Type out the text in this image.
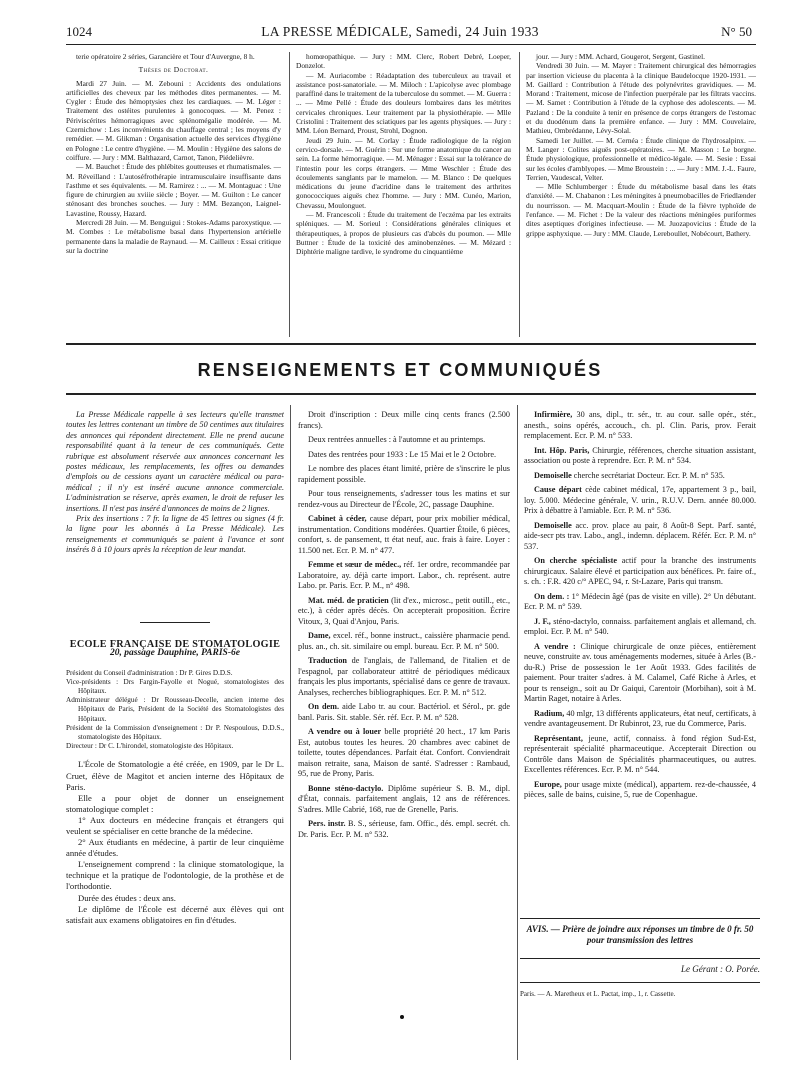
LA PRESSE MÉDICALE, Samedi, 24 Juin 1933
1024	N° 50

terie opératoire 2 séries, Garancière et Tour d'Auvergne, 8 h.

Thèses de Doctorat.

Mardi 27 Juin. — M. Zebouni : Accidents des ondulations artificielles des cheveux par les méthodes dites permanentes. — M. Cygler : Étude des hémoptysies chez les cardiaques. — M. Léger : Traitement des ostéites purulentes à gonocoques. — M. Penez : Périviscérites hémorragiques avec splénomégalie modérée. — M. Czernichow : Les inconvénients du chauffage central ; les moyens d'y remédier. — M. Glikman : Organisation actuelle des services d'hygiène en Pologne : Le centre d'hygiène. — M. Moulin : Hygiène des salons de coiffure. — Jury : MM. Balthazard, Carnot, Tanon, Piédelièvre.

— M. Bauchet : Étude des phlébites goutteuses et rhumatismales. — M. Réveilland : L'autoséfrothérapie intramusculaire insuffisante dans l'asthme et ses équivalents. — M. Ramirez : ... — M. Montaguac : Une figure de chirurgien au xviiie siècle ; Boyer. — M. Guilton : Le cancer sténosant des bronches souches. — Jury : MM. Bezançon, Laignel-Lavastine, Roussy, Hazard.

Mercredi 28 Juin. — M. Benguigui : Stokes-Adams paroxystique. — M. Combes : Le métabolisme basal dans l'hypertension artérielle permanente dans la maladie de Raynaud. — M. Cailleux : Essai critique sur la doctrine

homœopathique. — Jury : MM. Clerc, Robert Debré, Loeper, Donzelot.

— M. Auriacombe : Réadaptation des tuberculeux au travail et assistance post-sanatoriale. — M. Miloch : L'apicolyse avec plombage paraffiné dans le traitement de la tuberculose du sommet. — M. Guerra : ... — Mme Pellé : Étude des douleurs lombaires dans les métrites cervicales chroniques. Leur traitement par la physiothérapie. — Mlle Cristolini : Traitement des sciatiques par les agents physiques. — Jury : MM. Léon Bernard, Proust, Strohl, Dognon.

Jeudi 29 Juin. — M. Corlay : Étude radiologique de la région cervico-dorsale. — M. Guérin : Sur une forme anatomique du cancer au sein. La forme hémorragique. — M. Ménager : Essai sur la tolérance de l'intestin pour les corps étrangers. — Mme Weschler : Étude des écoulements sanglants par le mamelon. — M. Blanco : De quelques médications du jeune d'acridine dans le traitement des arthrites gonococciques aiguës chez l'homme. — Jury : MM. Cunéo, Marion, Chevassu, Moulonguet.

— M. Francescoli : Étude du traitement de l'eczéma par les extraits spléniques. — M. Sorieul : Considérations générales cliniques et thérapeutiques, à propos de plusieurs cas d'abcès du poumon. — Mlle Buttner : Étude de la toxicité des aminobenzènes. — M. Mézard : Diphtérie maligne tardive, le syndrome du cinquantième

jour. — Jury : MM. Achard, Gougerot, Sergent, Gastinel.

Vendredi 30 Juin. — M. Mayer : Traitement chirurgical des hémorragies par insertion vicieuse du placenta à la clinique Baudelocque 1920-1931. — M. Gaillard : Contribution à l'étude des polynévrites gravidiques. — M. Morand : Traitement, micose de l'infection puerpérale par les filtrats vaccins. — M. Samet : Contribution à l'étude de la cyphose des adolescents. — M. Pazland : De la conduite à tenir en présence de corps étrangers de l'estomac et du duodénum dans la première enfance. — Jury : MM. Couvelaire, Mathieu, Ombrédanne, Lévy-Solal.

Samedi 1er Juillet. — M. Cernéa : Étude clinique de l'hydrosalpinx. — M. Langer : Colites aiguës post-opératoires. — M. Masson : Le borgne. Étude physiologique, professionnelle et médico-légale. — M. Sesie : Essai sur les écoles d'amblyopes. — Mme Broustein : ... — Jury : MM. J.-L. Faure, Terrien, Vaudescal, Velter.

— Mlle Schlumberger : Étude du métabolisme basal dans les états d'anxiété. — M. Chabanon : Les méningites à pneumobacilles de Friedlænder du nourrisson. — M. Macquart-Moulin : Étude de la fièvre typhoïde de l'enfance. — M. Fichet : De la valeur des réactions méningées puriformes dites aseptiques d'origines infectieuse. — M. Juozapovicius : Étude de la grippe asphyxique. — Jury : MM. Claude, Lereboullet, Nobécourt, Bathery.

RENSEIGNEMENTS ET COMMUNIQUÉS

La Presse Médicale rappelle à ses lecteurs qu'elle transmet toutes les lettres contenant un timbre de 50 centimes aux titulaires des annonces qui répondent directement. Elle ne prend aucune responsabilité quant à la teneur de ces communiqués. Cette rubrique est absolument réservée aux annonces concernant les postes médicaux, les remplacements, les offres ou demandes d'emplois ou de cessions ayant un caractère médical ou para-médical ; il n'y est inséré aucune annonce commerciale. L'administration se réserve, après examen, le droit de refuser les insertions. Il n'est pas inséré d'annonces de moins de 2 lignes.

Prix des insertions : 7 fr. la ligne de 45 lettres ou signes (4 fr. la ligne pour les abonnés à La Presse Médicale). Les renseignements et communiqués se paient à l'avance et sont insérés 8 à 10 jours après la réception de leur mandat.

ÉCOLE FRANÇAISE DE STOMATOLOGIE

20, passage Dauphine, PARIS-6e

Président du Conseil d'administration : Dr P. Gires D.D.S.

Vice-présidents : Drs Fargin-Fayolle et Nogué, stomatologistes des Hôpitaux.

Administrateur délégué : Dr Rousseau-Decelle, ancien interne des Hôpitaux de Paris, Président de la Société des Stomatologistes des Hôpitaux.

Président de la Commission d'enseignement : Dr P. Nespoulous, D.D.S., stomatologiste des Hôpitaux.

Directeur : Dr C. L'hirondel, stomatologiste des Hôpitaux.

L'École de Stomatologie a été créée, en 1909, par le Dr L. Cruet, élève de Magitot et ancien interne des Hôpitaux de Paris.

Elle a pour objet de donner un enseignement stomatologique complet :

1° Aux docteurs en médecine français et étrangers qui veulent se spécialiser en cette branche de la médecine.

2° Aux étudiants en médecine, à partir de leur cinquième année d'études.

L'enseignement comprend : la clinique stomatologique, la technique et la pratique de l'odontologie, de la prothèse et de l'orthodontie.

Durée des études : deux ans.

Le diplôme de l'École est décerné aux élèves qui ont satisfait aux examens obligatoires en fin d'études.

Droit d'inscription : Deux mille cinq cents francs (2.500 francs).

Deux rentrées annuelles : à l'automne et au printemps.

Dates des rentrées pour 1933 : Le 15 Mai et le 2 Octobre.

Le nombre des places étant limité, prière de s'inscrire le plus rapidement possible.

Pour tous renseignements, s'adresser tous les matins et sur rendez-vous au Directeur de l'École, 2C, passage Dauphine.

Cabinet à céder, cause départ, pour prix mobilier médical, instrumentation. Conditions modérées. Quartier Étoile, 6 pièces, confort, s. de pansement, tt état neuf, auc. frais à faire. Loyer : 11.500 net. Ecr. P. M. n° 477.

Femme et sœur de médec., réf. 1er ordre, recommandée par Laboratoire, ay. déjà carte import. Labor., ch. représent. autre Labo. pr. Paris. Ecr. P. M., n° 498.

Mat. méd. de praticien (lit d'ex., microsc., petit outill., etc., etc.), à céder après décès. On accepterait proposition. Écrire Vitoux, 3, Quai d'Anjou, Paris.

Dame, excel. réf., bonne instruct., caissière pharmacie pend. plus. an., ch. sit. similaire ou empl. bureau. Ecr. P. M. n° 500.

Traduction de l'anglais, de l'allemand, de l'italien et de l'espagnol, par collaborateur attitré de périodiques médicaux français les plus importants, spécialisé dans ce genre de travaux. Analyses, recherches bibliographiques. Ecr. P. M. n° 512.

On dem. aide Labo tr. au cour. Bactériol. et Sérol., pr. gde banl. Paris. Sit. stable. Sér. réf. Ecr. P. M. n° 528.

A vendre ou à louer belle propriété 20 hect., 17 km Paris Est, autobus toutes les heures. 20 chambres avec cabinet de toilette, toutes dépendances. Parfait état. Confort. Conviendrait maison retraite, sana, Maison de santé. S'adresser : Rambaud, 95, rue de Prony, Paris.

Bonne sténo-dactylo. Diplôme supérieur S. B. M., dipl. d'État, connais. parfaitement anglais, 12 ans de références. S'adres. Mlle Cabrié, 168, rue de Grenelle, Paris.

Pers. instr. B. S., sérieuse, fam. Offic., dés. empl. secrét. ch. Dr. Paris. Ecr. P. M. n° 532.

Infirmière, 30 ans, dipl., tr. sér., tr. au cour. salle opér., stér., anesth., soins opérés, accouch., ch. pl. Clin. Paris, prov. Ferait remplacement. Ecr. P. M. n° 533.

Int. Hôp. Paris, Chirurgie, références, cherche situation assistant, association ou poste à reprendre. Ecr. P. M. n° 534.

Demoiselle cherche secrétariat Docteur. Ecr. P. M. n° 535.

Cause départ cède cabinet médical, 17e, appartement 3 p., bail, loy. 5.000. Médecine générale, V. urin., R.U.V. Dern. année 80.000. Prix à débattre à l'amiable. Ecr. P. M. n° 536.

Demoiselle acc. prov. place au pair, 8 Août-8 Sept. Parf. santé, aide-secr pts trav. Labo., angl., indemn. déplacem. Référ. Ecr. P. M. n° 537.

On cherche spécialiste actif pour la branche des instruments chirurgicaux. Salaire élevé et participation aux bénéfices. Pr. faire of., s. ch. : F.R. 420 c/° APEC, 94, r. St-Lazare, Paris qui transm.

On dem. : 1° Médecin âgé (pas de visite en ville). 2° Un débutant. Ecr. P. M. n° 539.

J. F., sténo-dactylo, connaiss. parfaitement anglais et allemand, ch. emploi. Ecr. P. M. n° 540.

A vendre : Clinique chirurgicale de onze pièces, entièrement neuve, construite av. tous aménagements modernes, située à Arles (B.-du-R.) Prise de possession le 1er Août 1933. Gdes facilités de paiement. Pour traiter s'adres. à M. Calamel, Café Riche à Arles, et pour ts renseign., soit au Dr Gaiqui, Carentoir (Morbihan), soit à M. Martin Raget, notaire à Arles.

Radium, 40 mlgr, 13 différents applicateurs, état neuf, certificats, à vendre avantageusement. Dr Rubinrot, 23, rue du Commerce, Paris.

Représentant, jeune, actif, connaiss. à fond région Sud-Est, représenterait spécialité pharmaceutique. Accepterait Direction ou Contrôle dans Maison de Spécialités pharmaceutiques, ou autres. Excellentes références. Ecr. P. M. n° 544.

Europe, pour usage mixte (médical), appartem. rez-de-chaussée, 4 pièces, salle de bains, cuisine, 5, rue de Copenhague.

AVIS. — Prière de joindre aux réponses un timbre de 0 fr. 50 pour transmission des lettres
Le Gérant : O. Porée.
Paris. — A. Maretheux et L. Pactat, imp., 1, r. Cassette.
